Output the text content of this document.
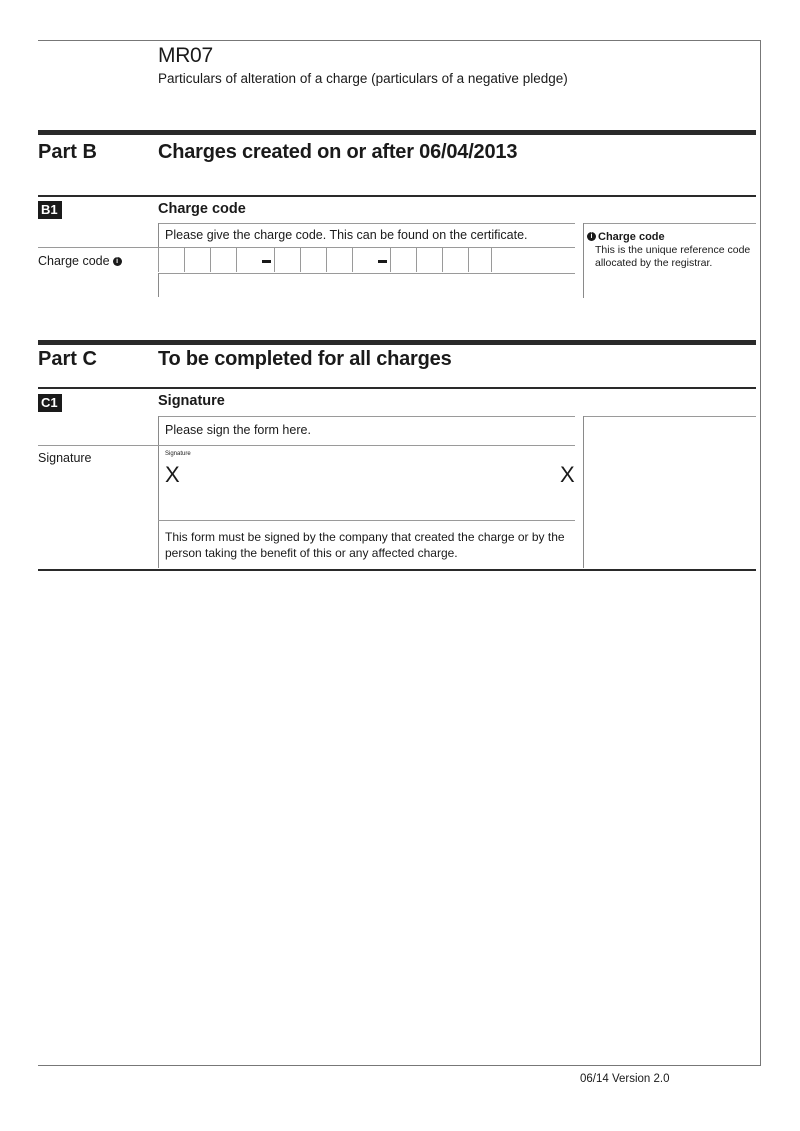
MR07
Particulars of alteration of a charge (particulars of a negative pledge)
Part B	Charges created on or after 06/04/2013
B1	Charge code
Please give the charge code. This can be found on the certificate.
Charge code i
i Charge code
This is the unique reference code allocated by the registrar.
Part C	To be completed for all charges
C1	Signature
Please sign the form here.
Signature	Signature
X	X
This form must be signed by the company that created the charge or by the person taking the benefit of this or any affected charge.
06/14 Version 2.0
